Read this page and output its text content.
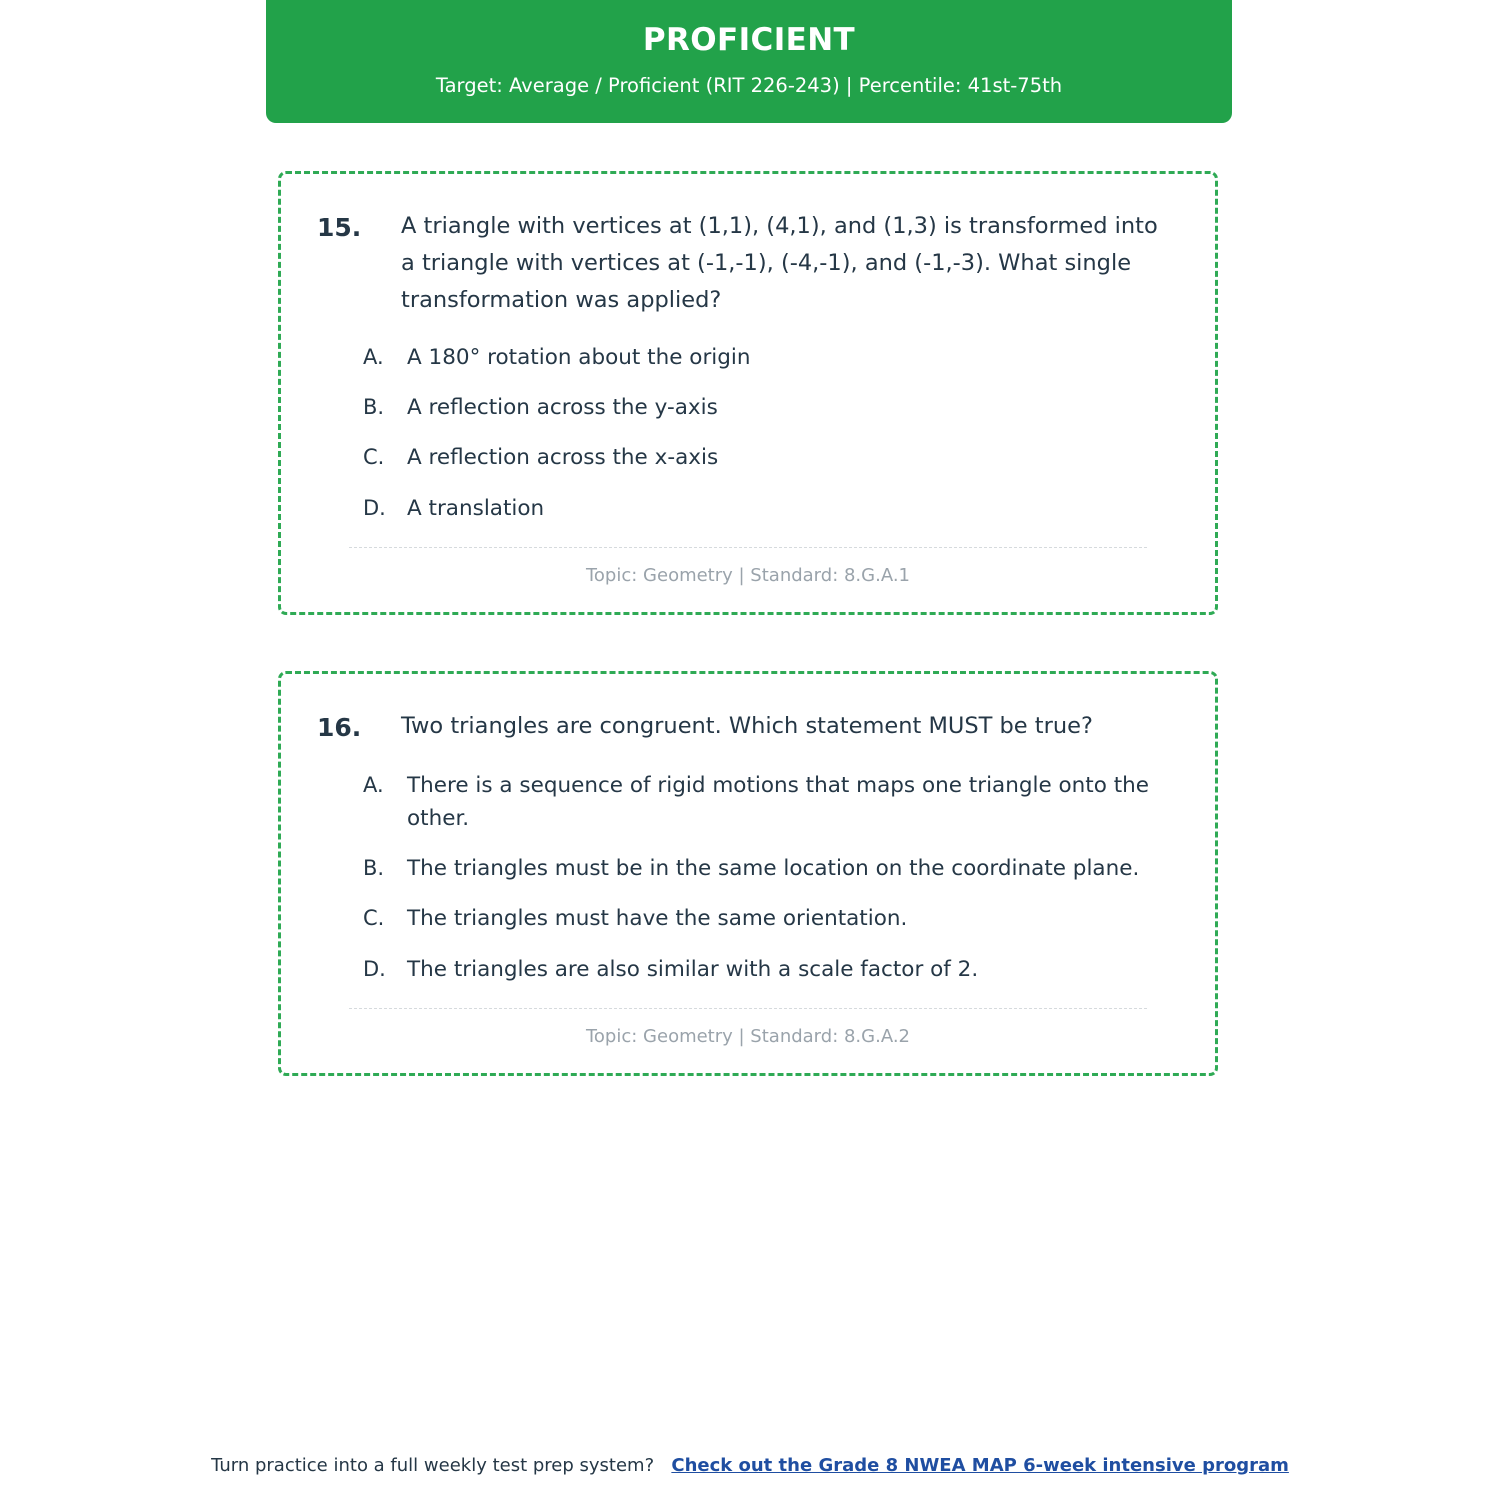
PROFICIENT
Target: Average / Proficient (RIT 226-243) | Percentile: 41st-75th
15.	A triangle with vertices at (1,1), (4,1), and (1,3) is transformed into a triangle with vertices at (-1,-1), (-4,-1), and (-1,-3). What single transformation was applied?
A.	A 180° rotation about the origin
B.	A reflection across the y-axis
C.	A reflection across the x-axis
D. A translation
Topic: Geometry | Standard: 8.G.A.1
16.	Two triangles are congruent. Which statement MUST be true?
A.	There is a sequence of rigid motions that maps one triangle onto the other.
B.	The triangles must be in the same location on the coordinate plane.
C.	The triangles must have the same orientation.
D. The triangles are also similar with a scale factor of 2.
Topic: Geometry | Standard: 8.G.A.2
Turn practice into a full weekly test prep system? Check out the Grade 8 NWEA MAP 6-week intensive program
